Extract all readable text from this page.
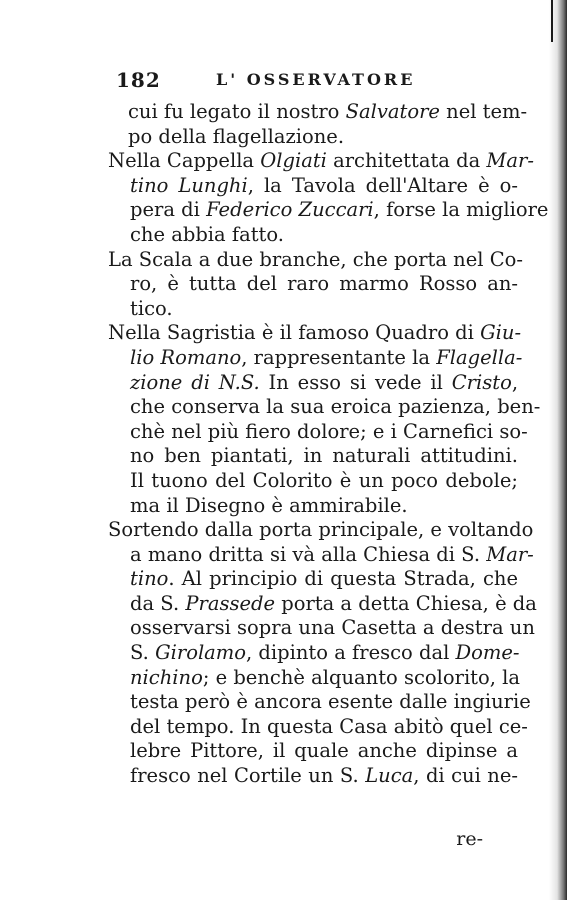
182	L' OSSERVATORE
cui fu legato il nostro Salvatore nel tem-
po della flagellazione.
Nella Cappella Olgiati architettata da Mar-
tino Lunghi, la Tavola dell'Altare è o-
pera di Federico Zuccari, forse la migliore
che abbia fatto.
La Scala a due branche, che porta nel Co-
ro, è tutta del raro marmo Rosso an-
tico.
Nella Sagristia è il famoso Quadro di Giu-
lio Romano, rappresentante la Flagella-
zione di N.S. In esso si vede il Cristo,
che conserva la sua eroica pazienza, ben-
chè nel più fiero dolore; e i Carnefici so-
no ben piantati, in naturali attitudini.
Il tuono del Colorito è un poco debole;
ma il Disegno è ammirabile.
Sortendo dalla porta principale, e voltando
a mano dritta si và alla Chiesa di S. Mar-
tino. Al principio di questa Strada, che
da S. Prassede porta a detta Chiesa, è da
osservarsi sopra una Casetta a destra un
S. Girolamo, dipinto a fresco dal Dome-
nichino; e benchè alquanto scolorito, la
testa però è ancora esente dalle ingiurie
del tempo. In questa Casa abitò quel ce-
lebre Pittore, il quale anche dipinse a
fresco nel Cortile un S. Luca, di cui ne-
re-
